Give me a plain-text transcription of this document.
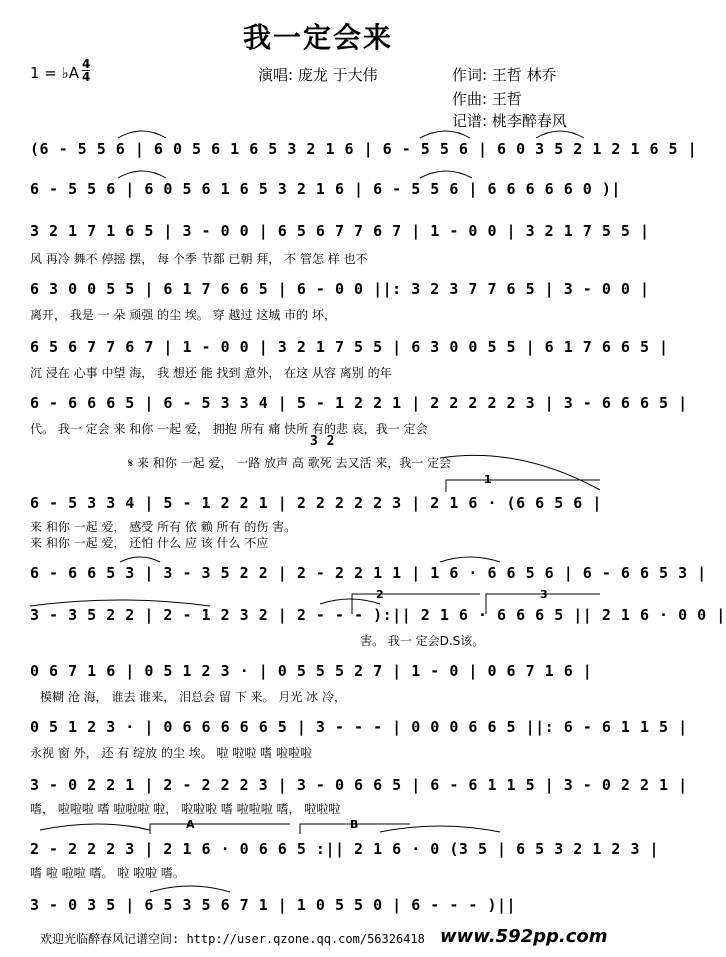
我一定会来
1 = ♭A 4
4	演唱: 庞龙 于大伟	作词: 王哲 林乔
作曲: 王哲
记谱: 桃李醉春风
(6 - 5 5 6 | 6 0 5 6 1 6 5 3 2 1 6 | 6 - 5 5 6 | 6 0 3 5 2 1 2 1 6 5 |
6 - 5 5 6 | 6 0 5 6 1 6 5 3 2 1 6 | 6 - 5 5 6 | 6 6 6 6 6 0 )|
3 2 1 7 1 6 5 | 3 - 0 0 | 6 5 6 7 7 6 7 | 1 - 0 0 | 3 2 1 7 5 5 |
风 再冷 舞不 停摇 摆， 每 个季 节都 已朝 拜， 不 管怎 样 也不
6 3 0 0 5 5 | 6 1 7 6 6 5 | 6 - 0 0 ||: 3 2 3 7 7 6 5 | 3 - 0 0 |
离开， 我是 一 朵 顽强 的尘 埃。 穿 越过 这城 市的 坏，
6 5 6 7 7 6 7 | 1 - 0 0 | 3 2 1 7 5 5 | 6 3 0 0 5 5 | 6 1 7 6 6 5 |
沉 浸在 心事 中望 海， 我 想还 能 找到 意外， 在这 从容 离别 的年
6 - 6 6 6 5 | 6 - 5 3 3 4 | 5 - 1 2 2 1 | 2 2 2 2 2 3 | 3 - 6 6 6 5 |
代。 我一 定会 来 和你 一起 爱， 拥抱 所有 痛 快所 有的悲 哀，我一 定会
3 2
𝄋 来 和你 一起 爱， 一路 放声 高 歌死 去又活 来，我一 定会
6 - 5 3 3 4 | 5 - 1 2 2 1 | 2 2 2 2 2 3 | 2 1 6 · (6 6 5 6 |
来 和你 一起 爱， 感受 所有 依 赖 所有 的伤 害。
来 和你 一起 爱， 还怕 什么 应 该 什么 不应
6 - 6 6 5 3 | 3 - 3 5 2 2 | 2 - 2 2 1 1 | 1 6 · 6 6 5 6 | 6 - 6 6 5 3 |
3 - 3 5 2 2 | 2 - 1 2 3 2 | 2 - - - ):|| 2 1 6 · 6 6 6 5 || 2 1 6 · 0 0 |
害。 我一 定会D.S该。
0 6 7 1 6 | 0 5 1 2 3 · | 0 5 5 5 2 7 | 1 - 0 | 0 6 7 1 6 |
模糊 沧 海， 谁去 谁来， 泪总会 留 下 来。 月光 冰 冷，
0 5 1 2 3 · | 0 6 6 6 6 6 5 | 3 - - - | 0 0 0 6 6 5 ||: 6 - 6 1 1 5 |
永视 窗 外， 还 有 绽放 的尘 埃。 啦 啦啦 嗜 啦啦啦
3 - 0 2 2 1 | 2 - 2 2 2 3 | 3 - 0 6 6 5 | 6 - 6 1 1 5 | 3 - 0 2 2 1 |
嗜， 啦啦啦 嗜 啦啦啦 啦， 啦啦啦 嗜 啦啦啦 嗜， 啦啦啦
2 - 2 2 2 3 | 2 1 6 · 0 6 6 5 :|| 2 1 6 · 0 (3 5 | 6 5 3 2 1 2 3 |
嗜 啦 啦啦 嗜。 啦 啦啦 嗜。
3 - 0 3 5 | 6 5 3 5 6 7 1 | 1 0 5 5 0 | 6 - - - )||
1
2	3
A	B
欢迎光临醉春风记谱空间: http://user.qzone.qq.com/56326418 www.592pp.com
